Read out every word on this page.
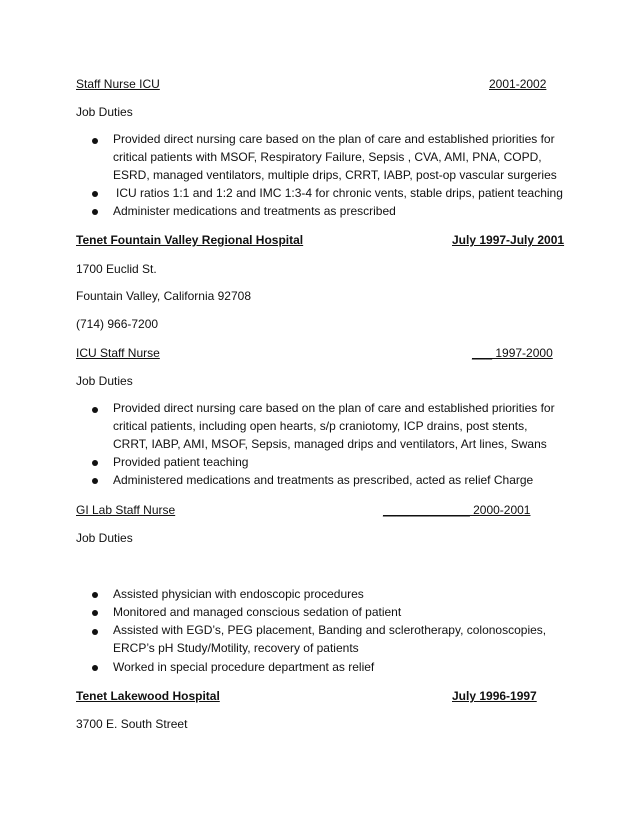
Staff Nurse ICU	2001-2002
Job Duties
Provided direct nursing care based on the plan of care and established priorities for critical patients with MSOF, Respiratory Failure, Sepsis , CVA, AMI, PNA, COPD, ESRD, managed ventilators, multiple drips, CRRT, IABP, post-op vascular surgeries
ICU ratios 1:1 and 1:2 and IMC 1:3-4 for chronic vents, stable drips, patient teaching
Administer medications and treatments as prescribed
Tenet Fountain Valley Regional Hospital	July 1997-July 2001
1700 Euclid St.
Fountain Valley, California 92708
(714) 966-7200
ICU Staff Nurse	___ 1997-2000
Job Duties
Provided direct nursing care based on the plan of care and established priorities for critical patients, including open hearts, s/p craniotomy, ICP drains, post stents, CRRT, IABP, AMI, MSOF, Sepsis, managed drips and ventilators, Art lines, Swans
Provided patient teaching
Administered medications and treatments as prescribed, acted as relief Charge
GI Lab Staff Nurse	_____________ 2000-2001
Job Duties
Assisted physician with endoscopic procedures
Monitored and managed conscious sedation of patient
Assisted with EGD’s, PEG placement, Banding and sclerotherapy, colonoscopies, ERCP’s pH Study/Motility, recovery of patients
Worked in special procedure department as relief
Tenet Lakewood Hospital	July 1996-1997
3700 E. South Street
